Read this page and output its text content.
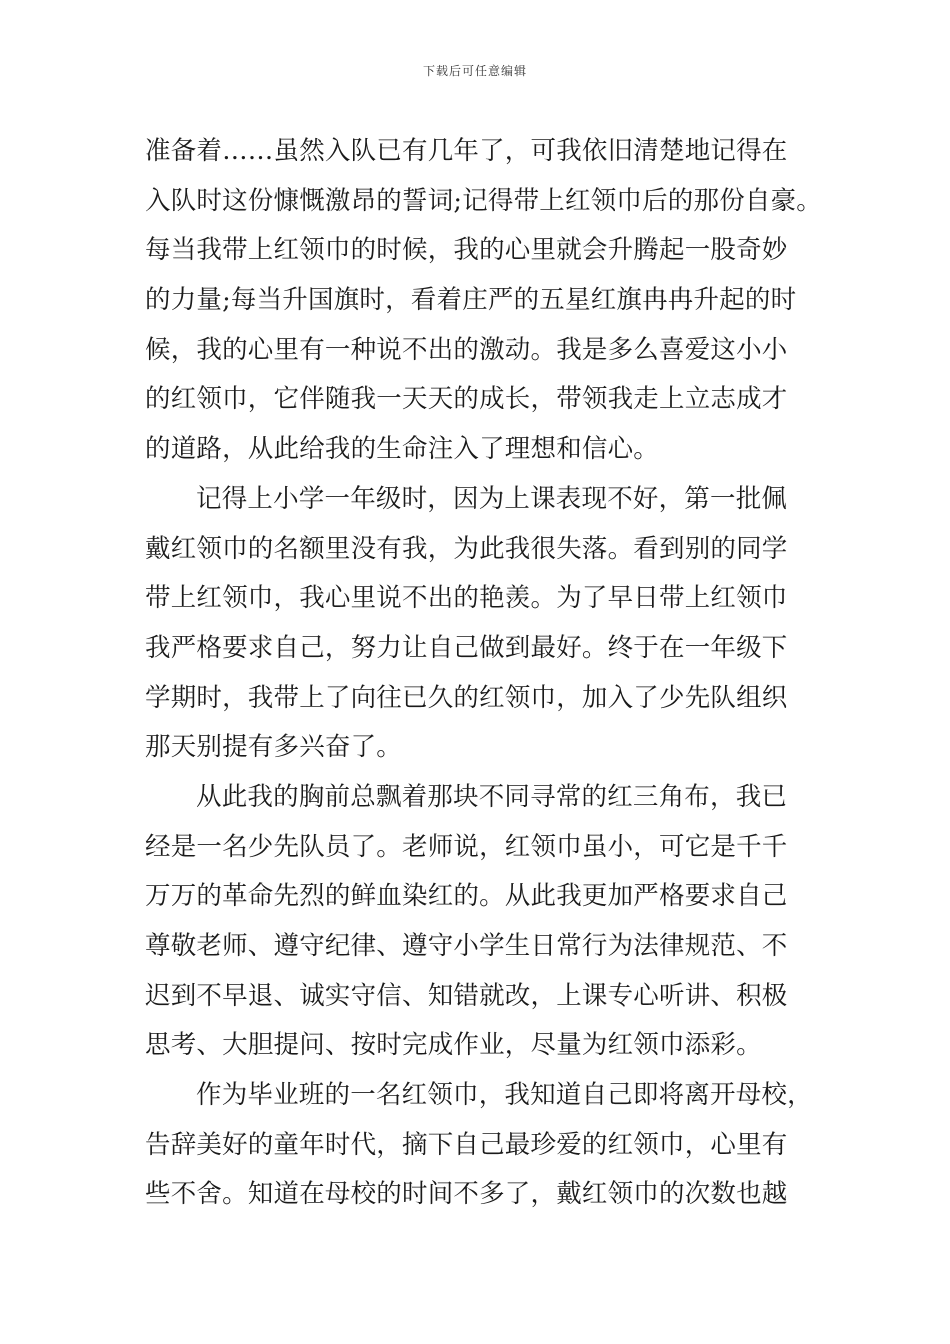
下载后可任意编辑
准备着……虽然入队已有几年了，可我依旧清楚地记得在
入队时这份慷慨激昂的誓词;记得带上红领巾后的那份自豪。
每当我带上红领巾的时候，我的心里就会升腾起一股奇妙
的力量;每当升国旗时，看着庄严的五星红旗冉冉升起的时
候，我的心里有一种说不出的激动。我是多么喜爱这小小
的红领巾，它伴随我一天天的成长，带领我走上立志成才
的道路，从此给我的生命注入了理想和信心。
记得上小学一年级时，因为上课表现不好，第一批佩
戴红领巾的名额里没有我，为此我很失落。看到别的同学
带上红领巾，我心里说不出的艳羡。为了早日带上红领巾
我严格要求自己，努力让自己做到最好。终于在一年级下
学期时，我带上了向往已久的红领巾，加入了少先队组织
那天别提有多兴奋了。
从此我的胸前总飘着那块不同寻常的红三角布，我已
经是一名少先队员了。老师说，红领巾虽小，可它是千千
万万的革命先烈的鲜血染红的。从此我更加严格要求自己
尊敬老师、遵守纪律、遵守小学生日常行为法律规范、不
迟到不早退、诚实守信、知错就改，上课专心听讲、积极
思考、大胆提问、按时完成作业，尽量为红领巾添彩。
作为毕业班的一名红领巾，我知道自己即将离开母校，
告辞美好的童年时代，摘下自己最珍爱的红领巾，心里有
些不舍。知道在母校的时间不多了，戴红领巾的次数也越
